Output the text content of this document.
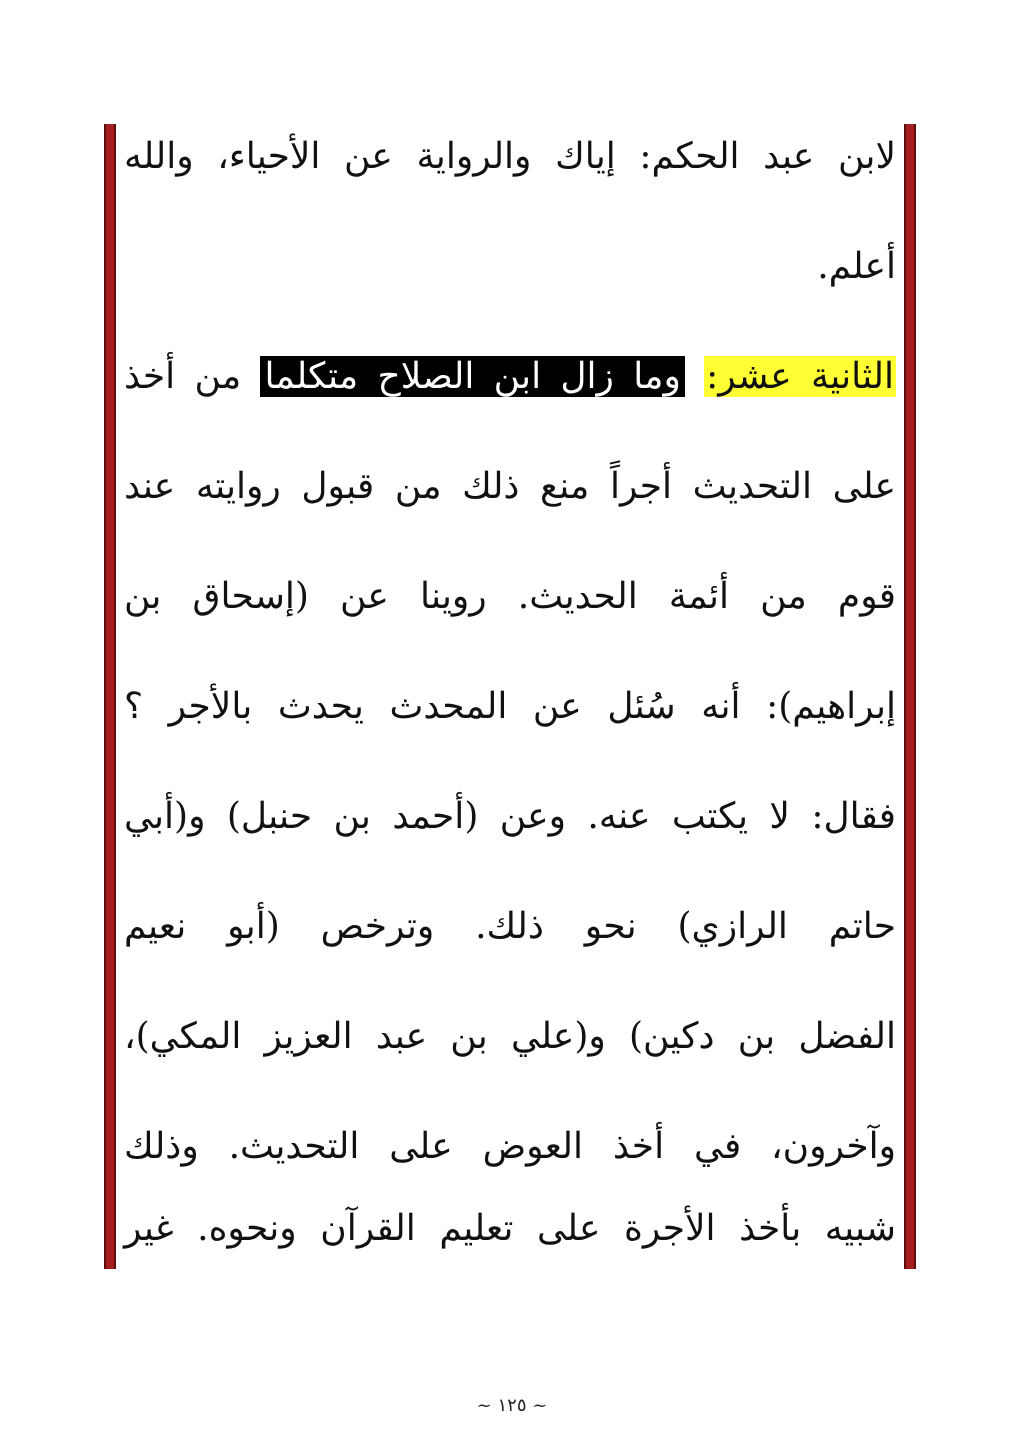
لابن عبد الحكم: إياك والرواية عن الأحياء، والله
أعلم.
الثانية عشر: وما زال ابن الصلاح متكلما من أخذ
على التحديث أجراً منع ذلك من قبول روايته عند
قوم من أئمة الحديث. روينا عن (إسحاق بن
إبراهيم): أنه سُئل عن المحدث يحدث بالأجر ؟
فقال: لا يكتب عنه. وعن (أحمد بن حنبل) و(أبي
حاتم الرازي) نحو ذلك. وترخص (أبو نعيم
الفضل بن دكين) و(علي بن عبد العزيز المكي)،
وآخرون، في أخذ العوض على التحديث. وذلك
شبيه بأخذ الأجرة على تعليم القرآن ونحوه. غير
~ ١٢٥ ~
